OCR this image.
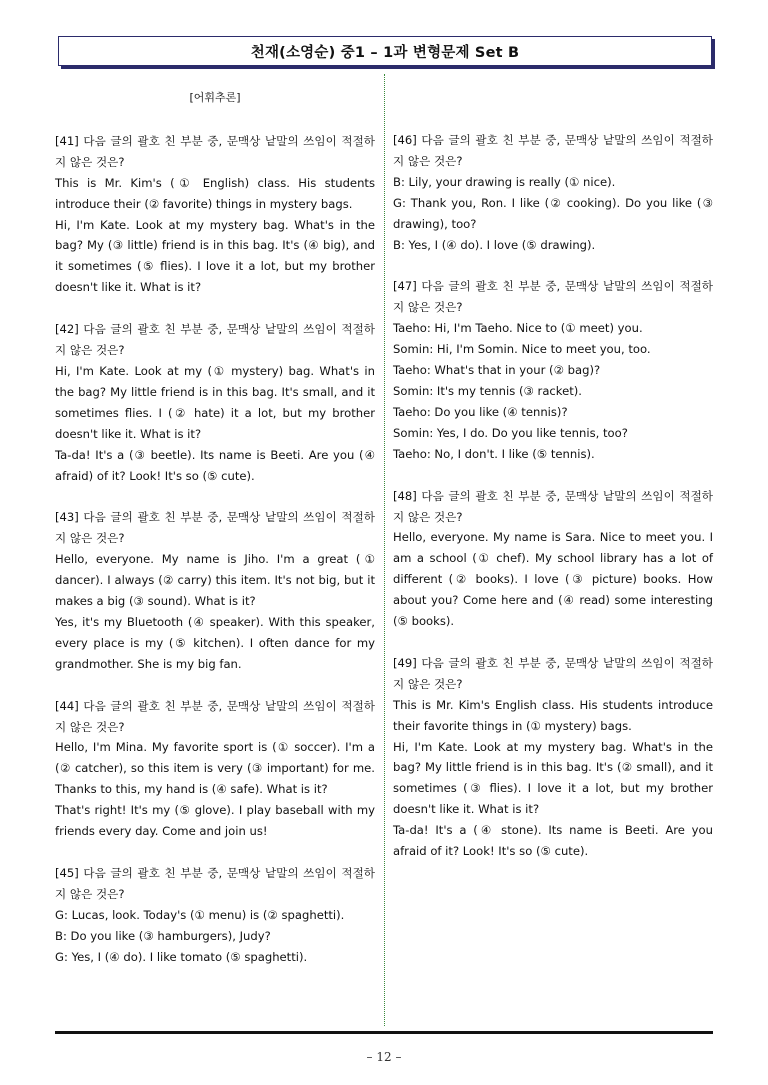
천재(소영순) 중1 – 1과 변형문제 Set B
[어휘추론]

[41] 다음 글의 괄호 친 부분 중, 문맥상 낱말의 쓰임이 적절하지 않은 것은?

This is Mr. Kim's (① English) class. His students introduce their (② favorite) things in mystery bags.

Hi, I'm Kate. Look at my mystery bag. What's in the bag? My (③ little) friend is in this bag. It's (④ big), and it sometimes (⑤ flies). I love it a lot, but my brother doesn't like it. What is it?

[42] 다음 글의 괄호 친 부분 중, 문맥상 낱말의 쓰임이 적절하지 않은 것은?

Hi, I'm Kate. Look at my (① mystery) bag. What's in the bag? My little friend is in this bag. It's small, and it sometimes flies. I (② hate) it a lot, but my brother doesn't like it. What is it?

Ta-da! It's a (③ beetle). Its name is Beeti. Are you (④ afraid) of it? Look! It's so (⑤ cute).

[43] 다음 글의 괄호 친 부분 중, 문맥상 낱말의 쓰임이 적절하지 않은 것은?

Hello, everyone. My name is Jiho. I'm a great (① dancer). I always (② carry) this item. It's not big, but it makes a big (③ sound). What is it?

Yes, it's my Bluetooth (④ speaker). With this speaker, every place is my (⑤ kitchen). I often dance for my grandmother. She is my big fan.

[44] 다음 글의 괄호 친 부분 중, 문맥상 낱말의 쓰임이 적절하지 않은 것은?

Hello, I'm Mina. My favorite sport is (① soccer). I'm a (② catcher), so this item is very (③ important) for me. Thanks to this, my hand is (④ safe). What is it?

That's right! It's my (⑤ glove). I play baseball with my friends every day. Come and join us!

[45] 다음 글의 괄호 친 부분 중, 문맥상 낱말의 쓰임이 적절하지 않은 것은?

G: Lucas, look. Today's (① menu) is (② spaghetti).

B: Do you like (③ hamburgers), Judy?

G: Yes, I (④ do). I like tomato (⑤ spaghetti).

[46] 다음 글의 괄호 친 부분 중, 문맥상 낱말의 쓰임이 적절하지 않은 것은?

B: Lily, your drawing is really (① nice).

G: Thank you, Ron. I like (② cooking). Do you like (③ drawing), too?

B: Yes, I (④ do). I love (⑤ drawing).

[47] 다음 글의 괄호 친 부분 중, 문맥상 낱말의 쓰임이 적절하지 않은 것은?

Taeho: Hi, I'm Taeho. Nice to (① meet) you.

Somin: Hi, I'm Somin. Nice to meet you, too.

Taeho: What's that in your (② bag)?

Somin: It's my tennis (③ racket).

Taeho: Do you like (④ tennis)?

Somin: Yes, I do. Do you like tennis, too?

Taeho: No, I don't. I like (⑤ tennis).

[48] 다음 글의 괄호 친 부분 중, 문맥상 낱말의 쓰임이 적절하지 않은 것은?

Hello, everyone. My name is Sara. Nice to meet you. I am a school (① chef). My school library has a lot of different (② books). I love (③ picture) books. How about you? Come here and (④ read) some interesting (⑤ books).

[49] 다음 글의 괄호 친 부분 중, 문맥상 낱말의 쓰임이 적절하지 않은 것은?

This is Mr. Kim's English class. His students introduce their favorite things in (① mystery) bags.

Hi, I'm Kate. Look at my mystery bag. What's in the bag? My little friend is in this bag. It's (② small), and it sometimes (③ flies). I love it a lot, but my brother doesn't like it. What is it?

Ta-da! It's a (④ stone). Its name is Beeti. Are you afraid of it? Look! It's so (⑤ cute).

– 12 –
